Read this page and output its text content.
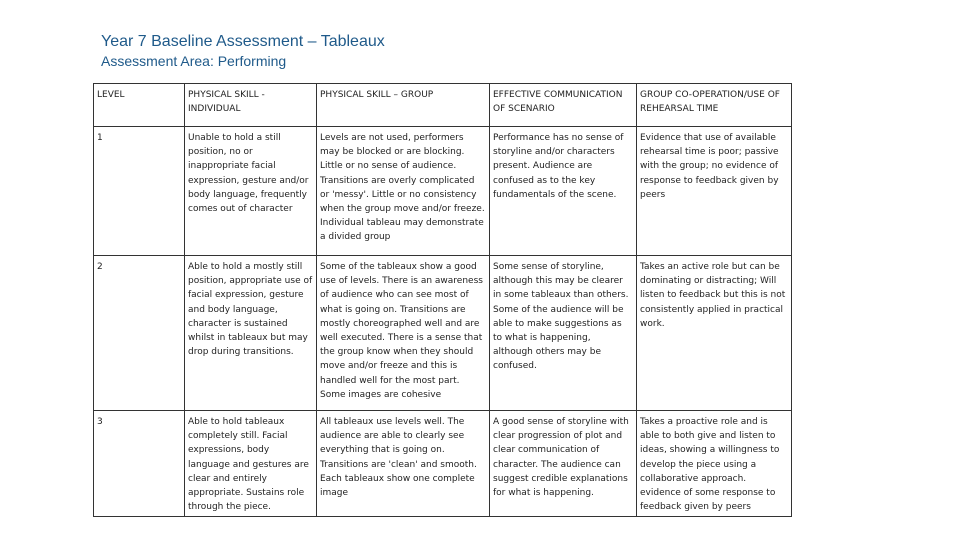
Year 7 Baseline Assessment – Tableaux
Assessment Area: Performing
LEVEL	PHYSICAL SKILL - INDIVIDUAL	PHYSICAL SKILL – GROUP	EFFECTIVE COMMUNICATION OF SCENARIO	GROUP CO-OPERATION/USE OF REHEARSAL TIME
1	Unable to hold a still position, no or inappropriate facial expression, gesture and/or body language, frequently comes out of character	Levels are not used, performers may be blocked or are blocking. Little or no sense of audience. Transitions are overly complicated or 'messy'. Little or no consistency when the group move and/or freeze. Individual tableau may demonstrate a divided group	Performance has no sense of storyline and/or characters present. Audience are confused as to the key fundamentals of the scene.	Evidence that use of available rehearsal time is poor; passive with the group; no evidence of response to feedback given by peers
2	Able to hold a mostly still position, appropriate use of facial expression, gesture and body language, character is sustained whilst in tableaux but may drop during transitions.	Some of the tableaux show a good use of levels. There is an awareness of audience who can see most of what is going on. Transitions are mostly choreographed well and are well executed. There is a sense that the group know when they should move and/or freeze and this is handled well for the most part. Some images are cohesive	Some sense of storyline, although this may be clearer in some tableaux than others. Some of the audience will be able to make suggestions as to what is happening, although others may be confused.	Takes an active role but can be dominating or distracting; Will listen to feedback but this is not consistently applied in practical work.
3	Able to hold tableaux completely still. Facial expressions, body language and gestures are clear and entirely appropriate. Sustains role through the piece.	All tableaux use levels well. The audience are able to clearly see everything that is going on. Transitions are 'clean' and smooth. Each tableaux show one complete image	A good sense of storyline with clear progression of plot and clear communication of character. The audience can suggest credible explanations for what is happening.	Takes a proactive role and is able to both give and listen to ideas, showing a willingness to develop the piece using a collaborative approach. evidence of some response to feedback given by peers
